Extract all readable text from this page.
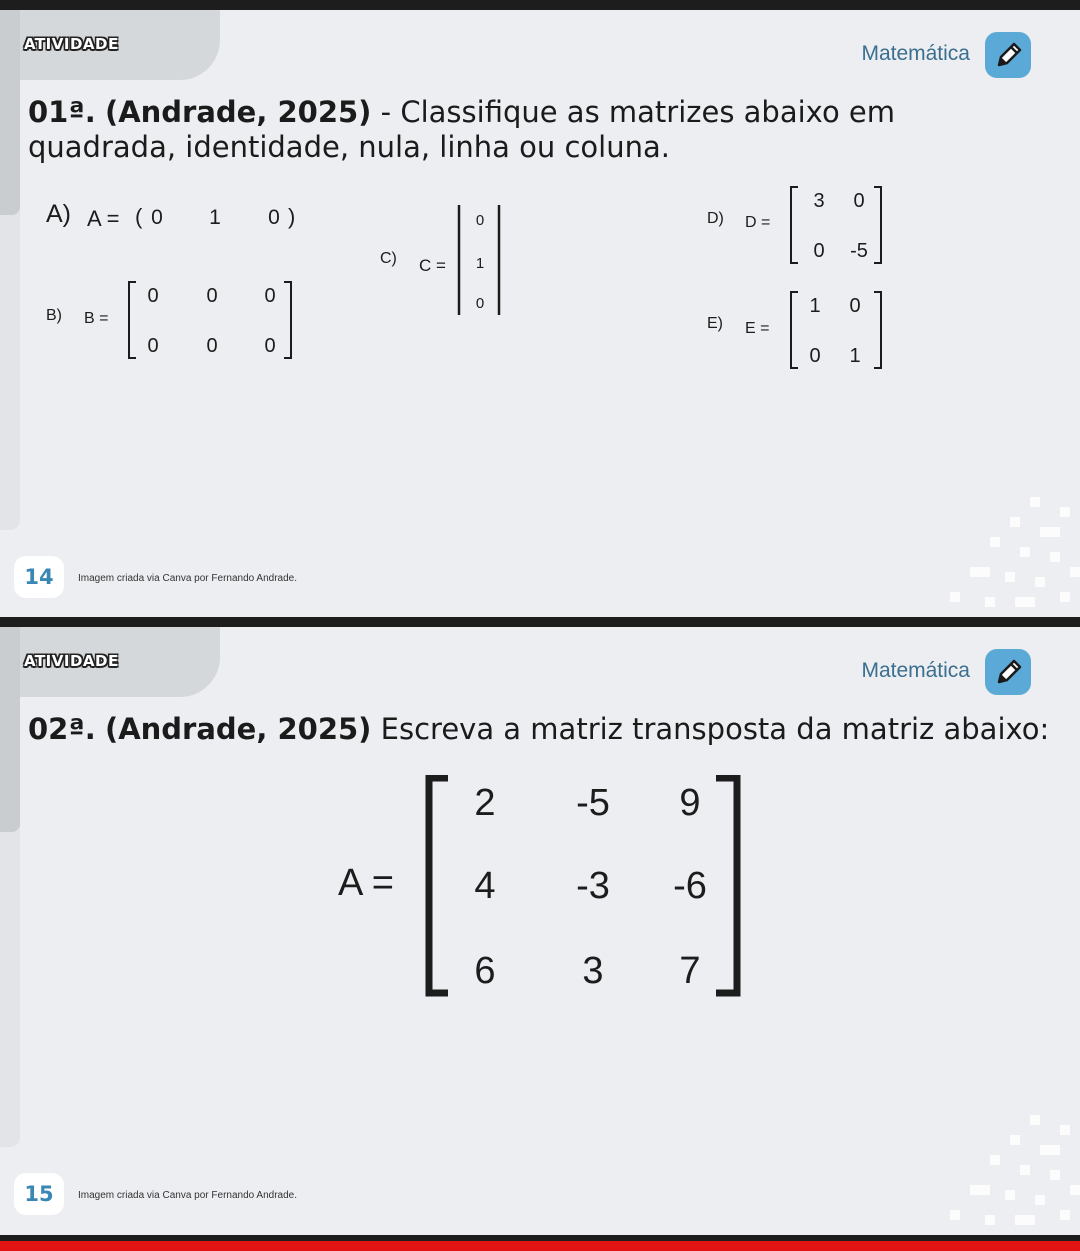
ATIVIDADE	Matemática
01ª. (Andrade, 2025) - Classifique as matrizes abaixo em quadrada, identidade, nula, linha ou coluna.
A) A = ( 0	1	0 )
B) B =
0	0	0
0	0	0
C) C =
0
1
0
D) D =
3	0
0	-5
E) E =
1	0
0	1
14	Imagem criada via Canva por Fernando Andrade.
ATIVIDADE	Matemática
02ª. (Andrade, 2025) Escreva a matriz transposta da matriz abaixo:
A =
2	-5	9
4	-3	-6
6	3	7
15	Imagem criada via Canva por Fernando Andrade.
